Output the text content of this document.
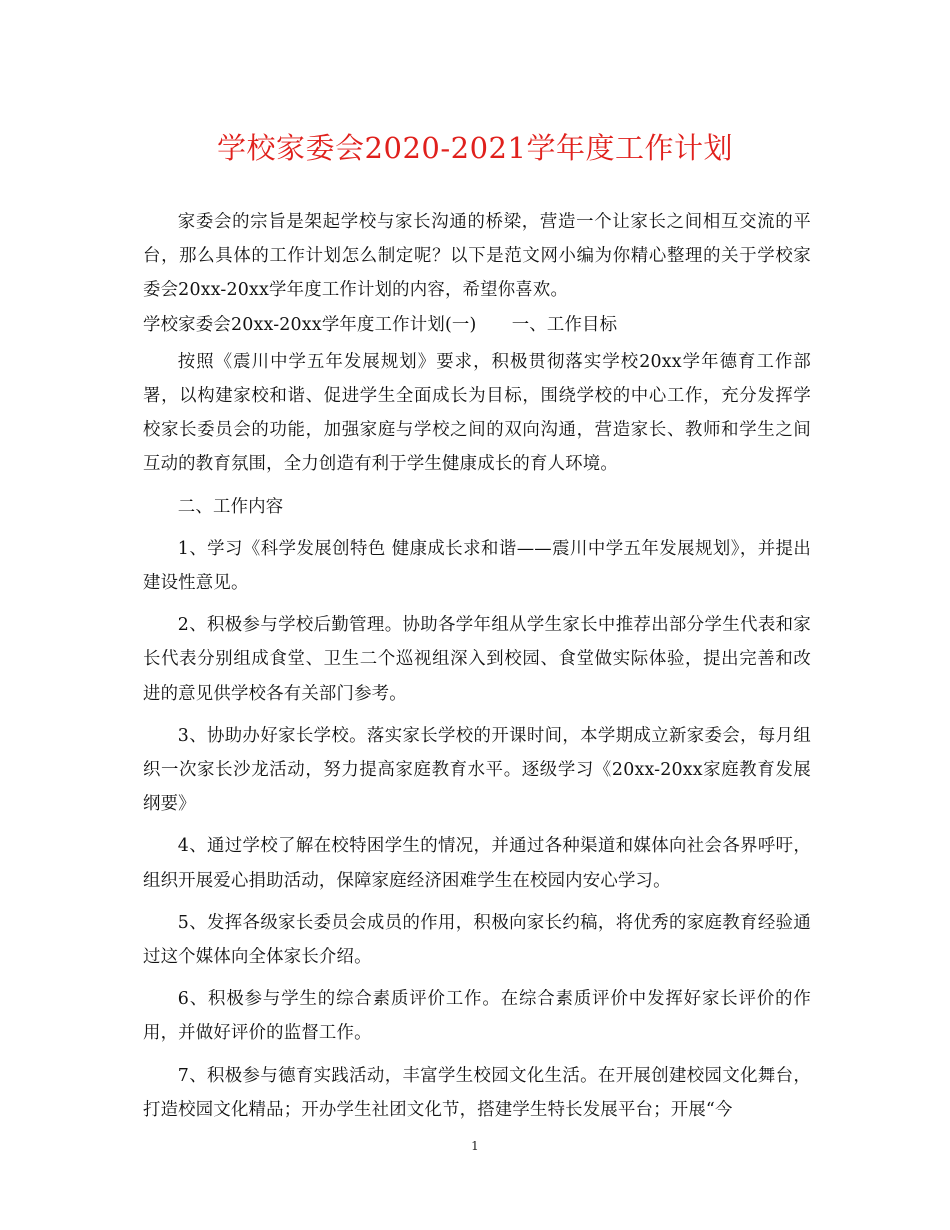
学校家委会2020-2021学年度工作计划

家委会的宗旨是架起学校与家长沟通的桥梁，营造一个让家长之间相互交流的平台，那么具体的工作计划怎么制定呢？以下是范文网小编为你精心整理的关于学校家委会20xx-20xx学年度工作计划的内容，希望你喜欢。

学校家委会20xx-20xx学年度工作计划(一)　　一、工作目标

按照《震川中学五年发展规划》要求，积极贯彻落实学校20xx学年德育工作部署，以构建家校和谐、促进学生全面成长为目标，围绕学校的中心工作，充分发挥学校家长委员会的功能，加强家庭与学校之间的双向沟通，营造家长、教师和学生之间互动的教育氛围，全力创造有利于学生健康成长的育人环境。

二、工作内容

1、学习《科学发展创特色 健康成长求和谐——震川中学五年发展规划》，并提出建设性意见。

2、积极参与学校后勤管理。协助各学年组从学生家长中推荐出部分学生代表和家长代表分别组成食堂、卫生二个巡视组深入到校园、食堂做实际体验，提出完善和改进的意见供学校各有关部门参考。

3、协助办好家长学校。落实家长学校的开课时间，本学期成立新家委会，每月组织一次家长沙龙活动，努力提高家庭教育水平。逐级学习《20xx-20xx家庭教育发展纲要》

4、通过学校了解在校特困学生的情况，并通过各种渠道和媒体向社会各界呼吁，组织开展爱心捐助活动，保障家庭经济困难学生在校园内安心学习。

5、发挥各级家长委员会成员的作用，积极向家长约稿，将优秀的家庭教育经验通过这个媒体向全体家长介绍。

6、积极参与学生的综合素质评价工作。在综合素质评价中发挥好家长评价的作用，并做好评价的监督工作。

7、积极参与德育实践活动，丰富学生校园文化生活。在开展创建校园文化舞台，打造校园文化精品；开办学生社团文化节，搭建学生特长发展平台；开展“今

1
